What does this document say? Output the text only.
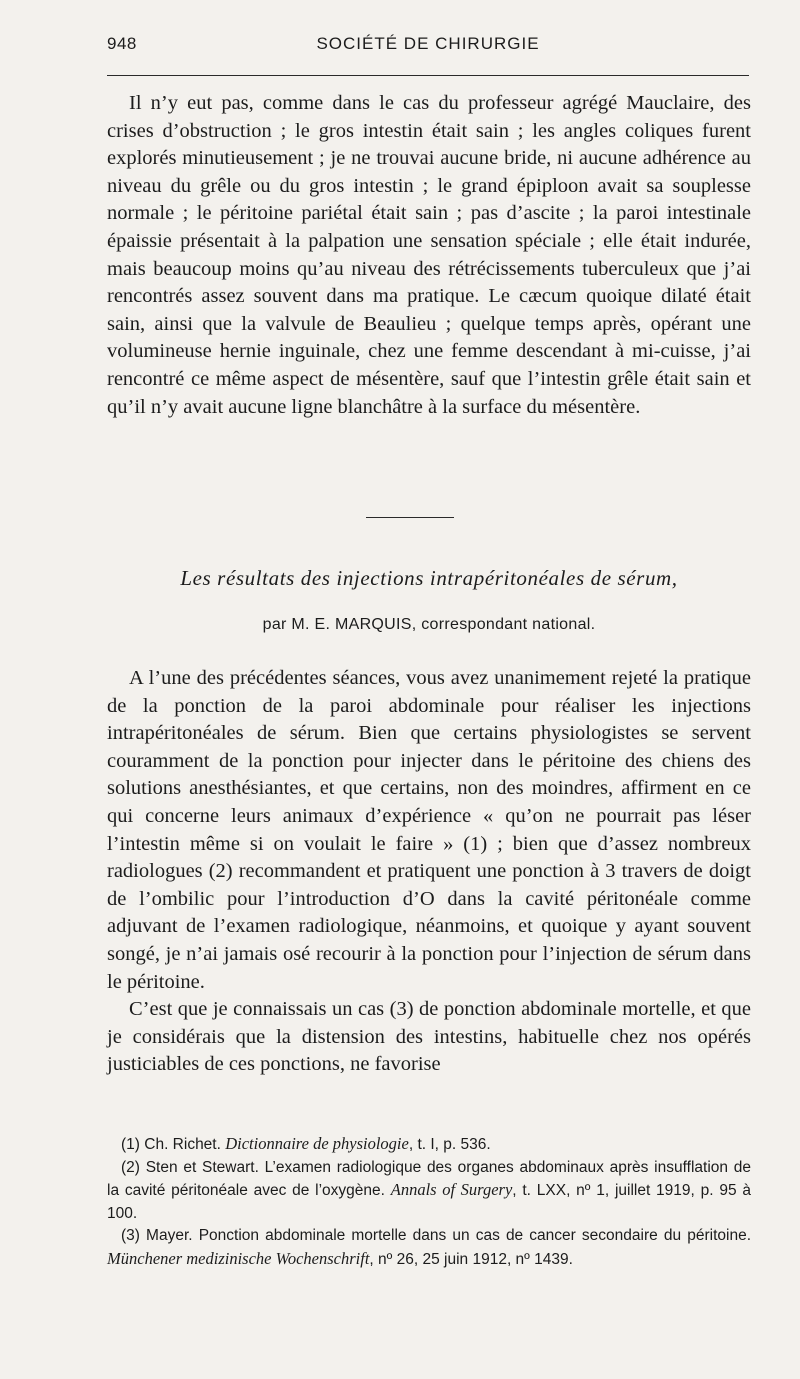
948	SOCIÉTÉ DE CHIRURGIE

Il n’y eut pas, comme dans le cas du professeur agrégé Mauclaire, des crises d’obstruction ; le gros intestin était sain ; les angles coliques furent explorés minutieusement ; je ne trouvai aucune bride, ni aucune adhérence au niveau du grêle ou du gros intestin ; le grand épiploon avait sa souplesse normale ; le péritoine pariétal était sain ; pas d’ascite ; la paroi intestinale épaissie présentait à la palpation une sensation spéciale ; elle était indurée, mais beaucoup moins qu’au niveau des rétrécissements tuberculeux que j’ai rencontrés assez souvent dans ma pratique. Le cæcum quoique dilaté était sain, ainsi que la valvule de Beaulieu ; quelque temps après, opérant une volumineuse hernie inguinale, chez une femme descendant à mi-cuisse, j’ai rencontré ce même aspect de mésentère, sauf que l’intestin grêle était sain et qu’il n’y avait aucune ligne blanchâtre à la surface du mésentère.

Les résultats des injections intrapéritonéales de sérum,
par M. E. MARQUIS, correspondant national.

A l’une des précédentes séances, vous avez unanimement rejeté la pratique de la ponction de la paroi abdominale pour réaliser les injections intrapéritonéales de sérum. Bien que certains physiologistes se servent couramment de la ponction pour injecter dans le péritoine des chiens des solutions anesthésiantes, et que certains, non des moindres, affirment en ce qui concerne leurs animaux d’expérience « qu’on ne pourrait pas léser l’intestin même si on voulait le faire » (1) ; bien que d’assez nombreux radiologues (2) recommandent et pratiquent une ponction à 3 travers de doigt de l’ombilic pour l’introduction d’O dans la cavité péritonéale comme adjuvant de l’examen radiologique, néanmoins, et quoique y ayant souvent songé, je n’ai jamais osé recourir à la ponction pour l’injection de sérum dans le péritoine.

C’est que je connaissais un cas (3) de ponction abdominale mortelle, et que je considérais que la distension des intestins, habituelle chez nos opérés justiciables de ces ponctions, ne favorise

(1) Ch. Richet. Dictionnaire de physiologie, t. I, p. 536.

(2) Sten et Stewart. L’examen radiologique des organes abdominaux après insufflation de la cavité péritonéale avec de l’oxygène. Annals of Surgery, t. LXX, nº 1, juillet 1919, p. 95 à 100.

(3) Mayer. Ponction abdominale mortelle dans un cas de cancer secondaire du péritoine. Münchener medizinische Wochenschrift, nº 26, 25 juin 1912, nº 1439.
